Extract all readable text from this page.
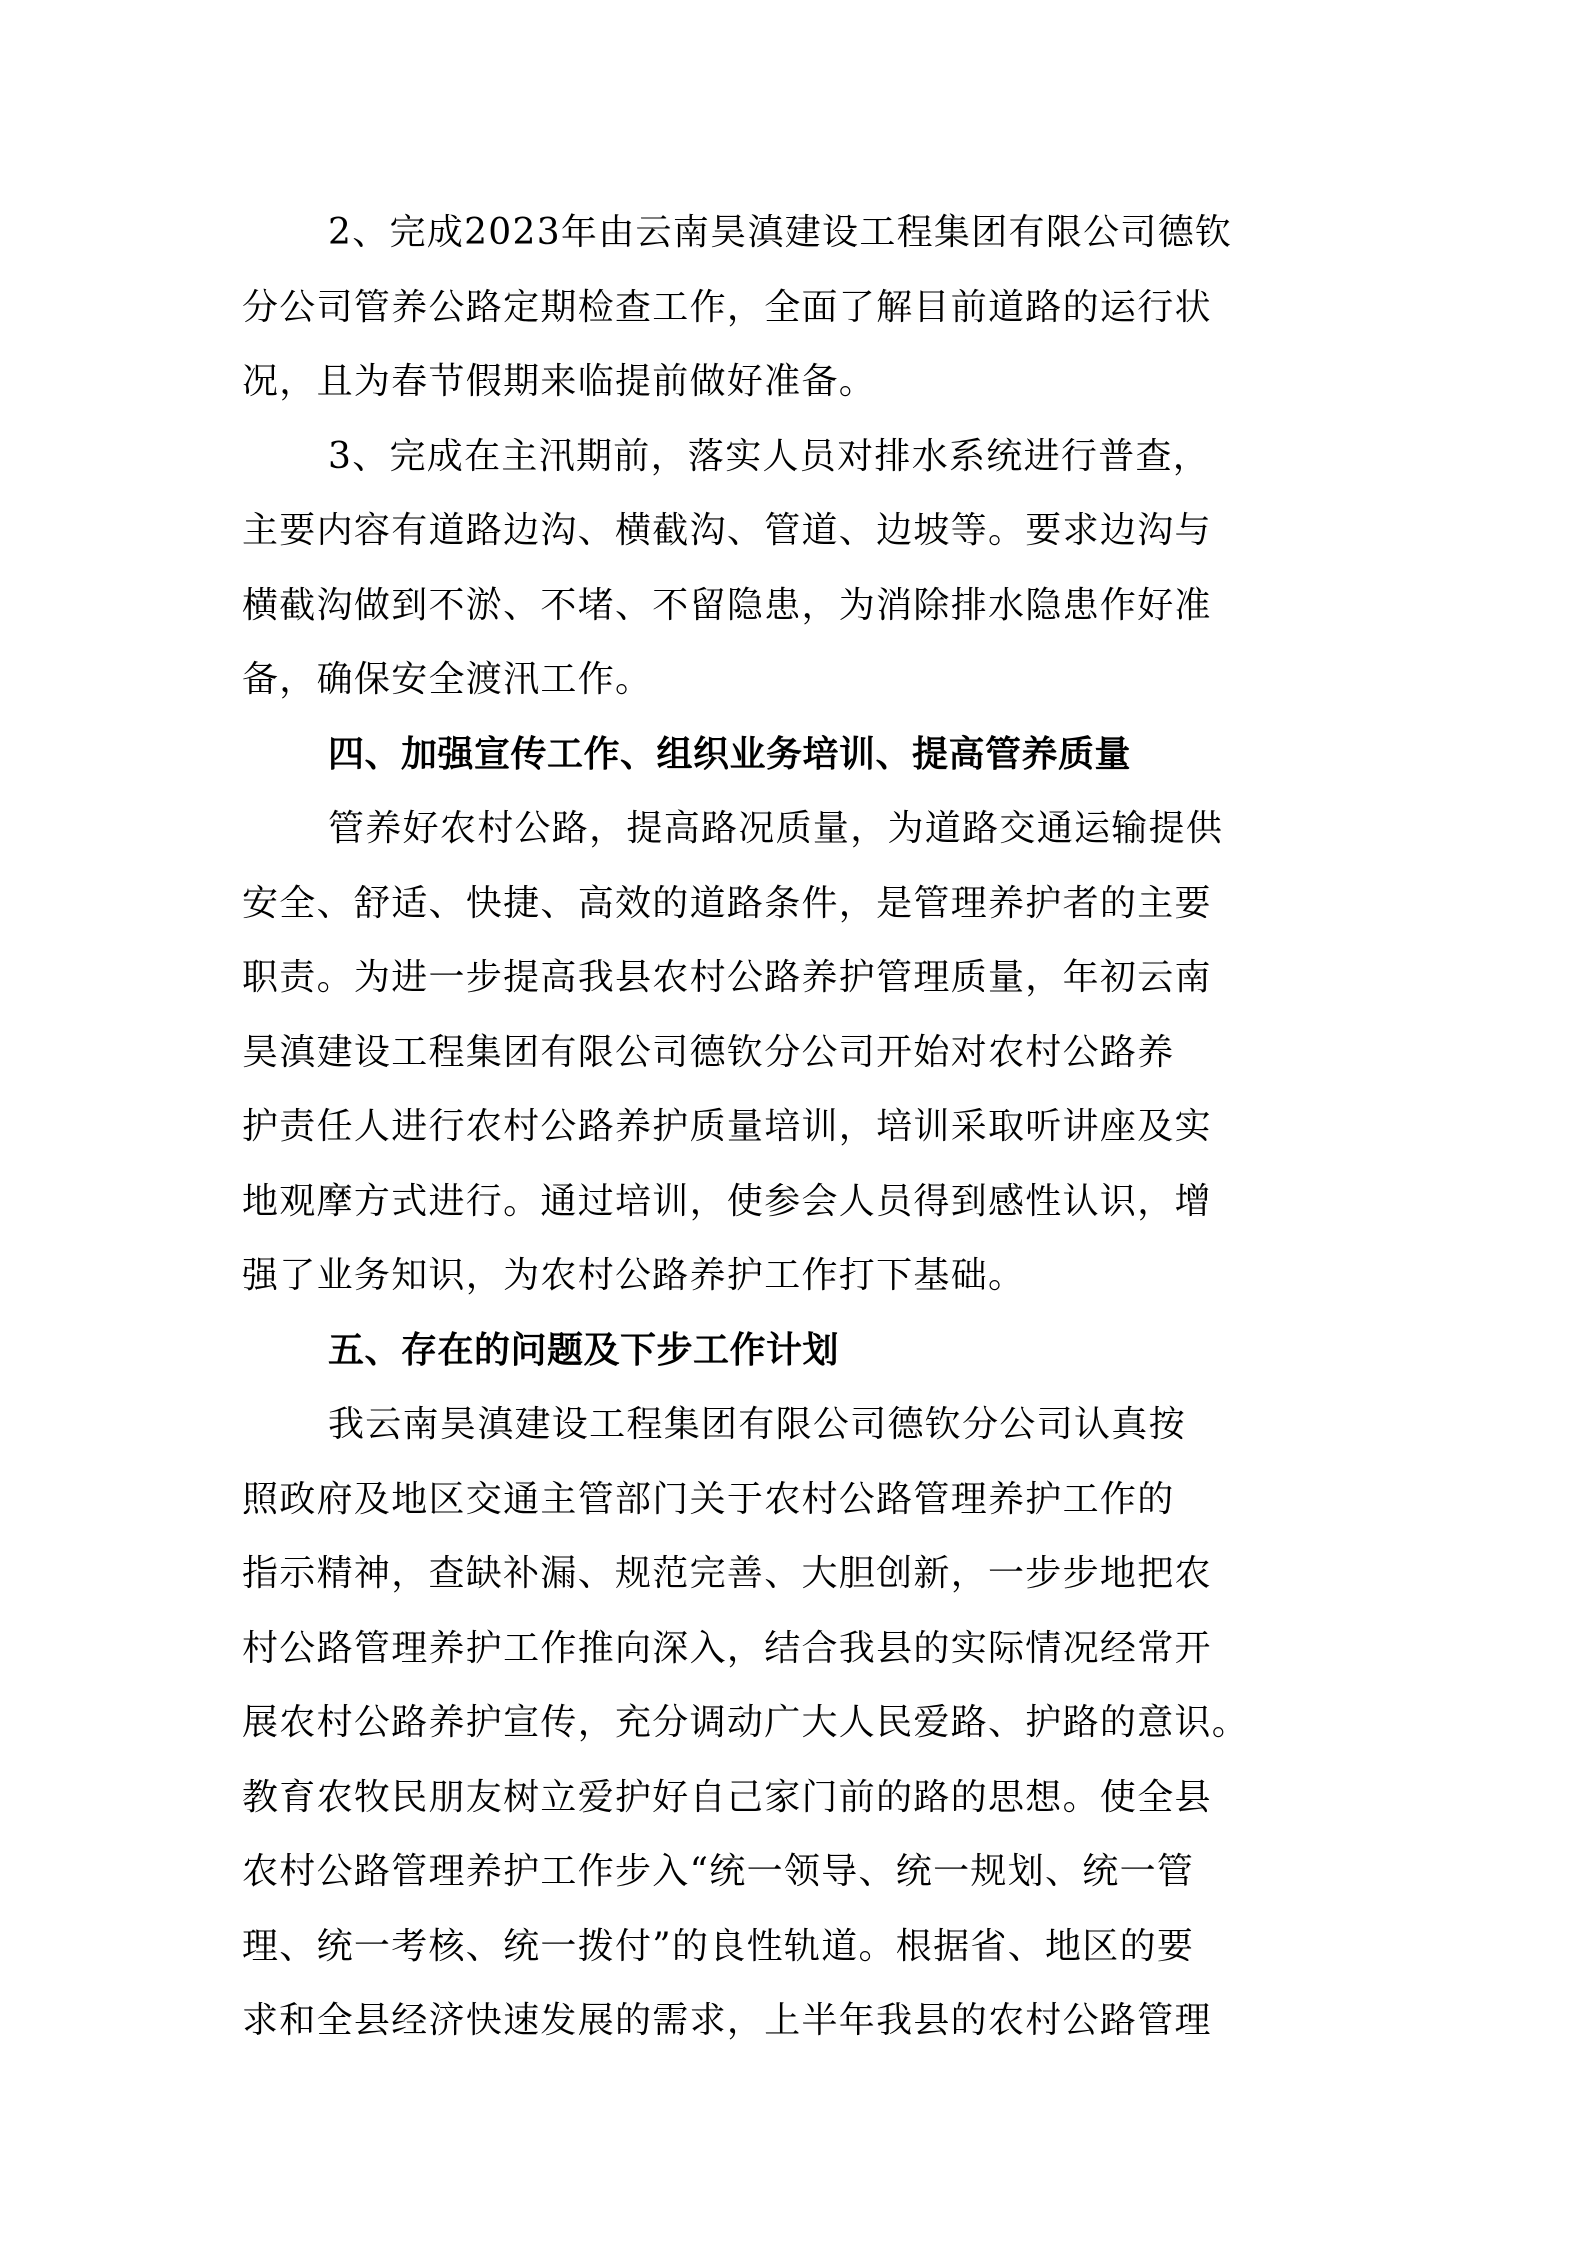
2、完成2023年由云南昊滇建设工程集团有限公司德钦
分公司管养公路定期检查工作，全面了解目前道路的运行状
况，且为春节假期来临提前做好准备。
3、完成在主汛期前，落实人员对排水系统进行普查，
主要内容有道路边沟、横截沟、管道、边坡等。要求边沟与
横截沟做到不淤、不堵、不留隐患，为消除排水隐患作好准
备，确保安全渡汛工作。
四、加强宣传工作、组织业务培训、提高管养质量
管养好农村公路，提高路况质量，为道路交通运输提供
安全、舒适、快捷、高效的道路条件，是管理养护者的主要
职责。为进一步提高我县农村公路养护管理质量，年初云南
昊滇建设工程集团有限公司德钦分公司开始对农村公路养
护责任人进行农村公路养护质量培训，培训采取听讲座及实
地观摩方式进行。通过培训，使参会人员得到感性认识，增
强了业务知识，为农村公路养护工作打下基础。
五、存在的问题及下步工作计划
我云南昊滇建设工程集团有限公司德钦分公司认真按
照政府及地区交通主管部门关于农村公路管理养护工作的
指示精神，查缺补漏、规范完善、大胆创新，一步步地把农
村公路管理养护工作推向深入，结合我县的实际情况经常开
展农村公路养护宣传，充分调动广大人民爱路、护路的意识。
教育农牧民朋友树立爱护好自己家门前的路的思想。使全县
农村公路管理养护工作步入“统一领导、统一规划、统一管
理、统一考核、统一拨付”的良性轨道。根据省、地区的要
求和全县经济快速发展的需求，上半年我县的农村公路管理
